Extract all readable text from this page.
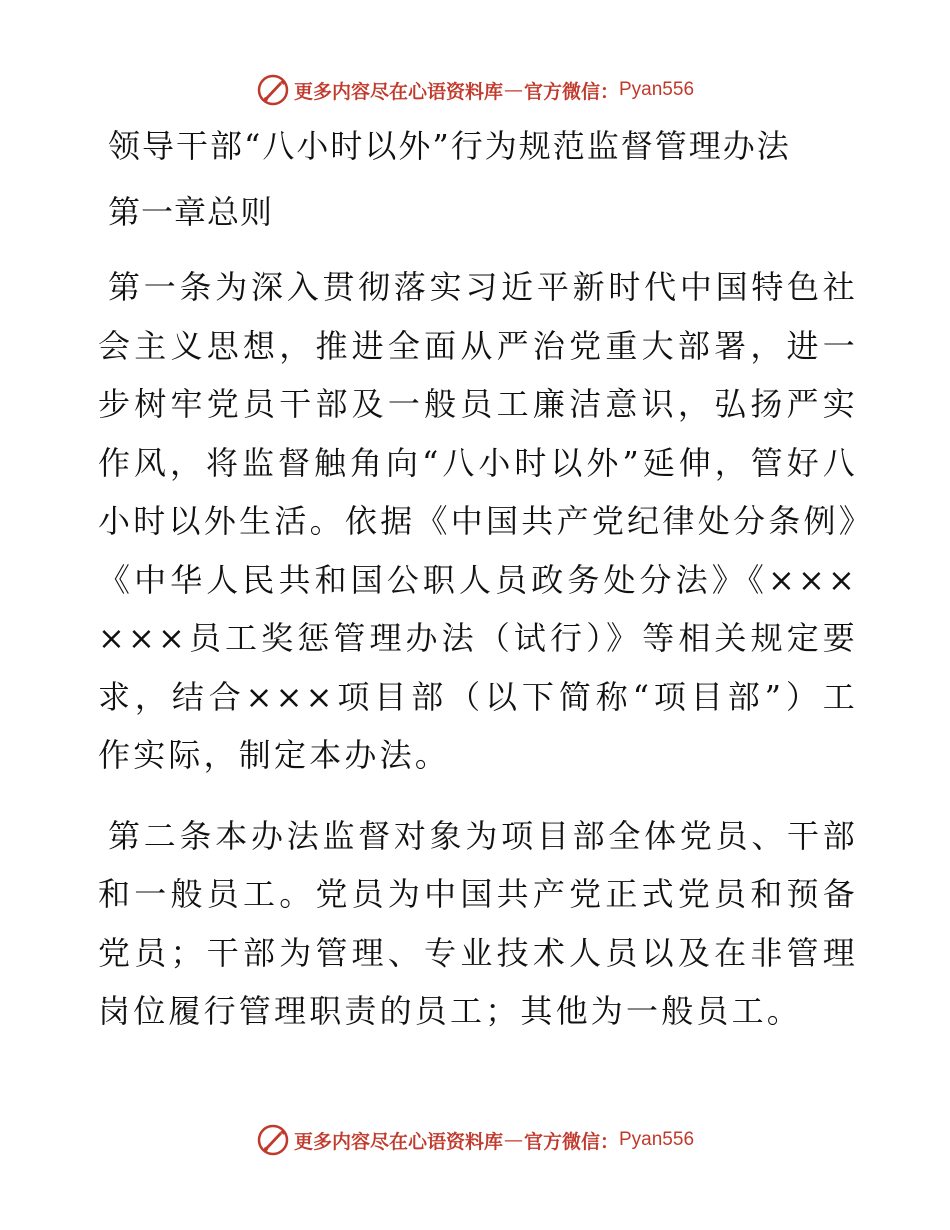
更多内容尽在心语资料库 — 官方微信： Pyan556
领导干部“八小时以外”行为规范监督管理办法
第一章总则

第一条为深入贯彻落实习近平新时代中国特色社会主义思想，推进全面从严治党重大部署，进一步树牢党员干部及一般员工廉洁意识，弘扬严实作风，将监督触角向“八小时以外”延伸，管好八小时以外生活。依据《中国共产党纪律处分条例》《中华人民共和国公职人员政务处分法》《××××××员工奖惩管理办法（试行）》等相关规定要求，结合×××项目部（以下简称“项目部”）工作实际，制定本办法。

第二条本办法监督对象为项目部全体党员、干部和一般员工。党员为中国共产党正式党员和预备党员；干部为管理、专业技术人员以及在非管理岗位履行管理职责的员工；其他为一般员工。

更多内容尽在心语资料库 — 官方微信： Pyan556
